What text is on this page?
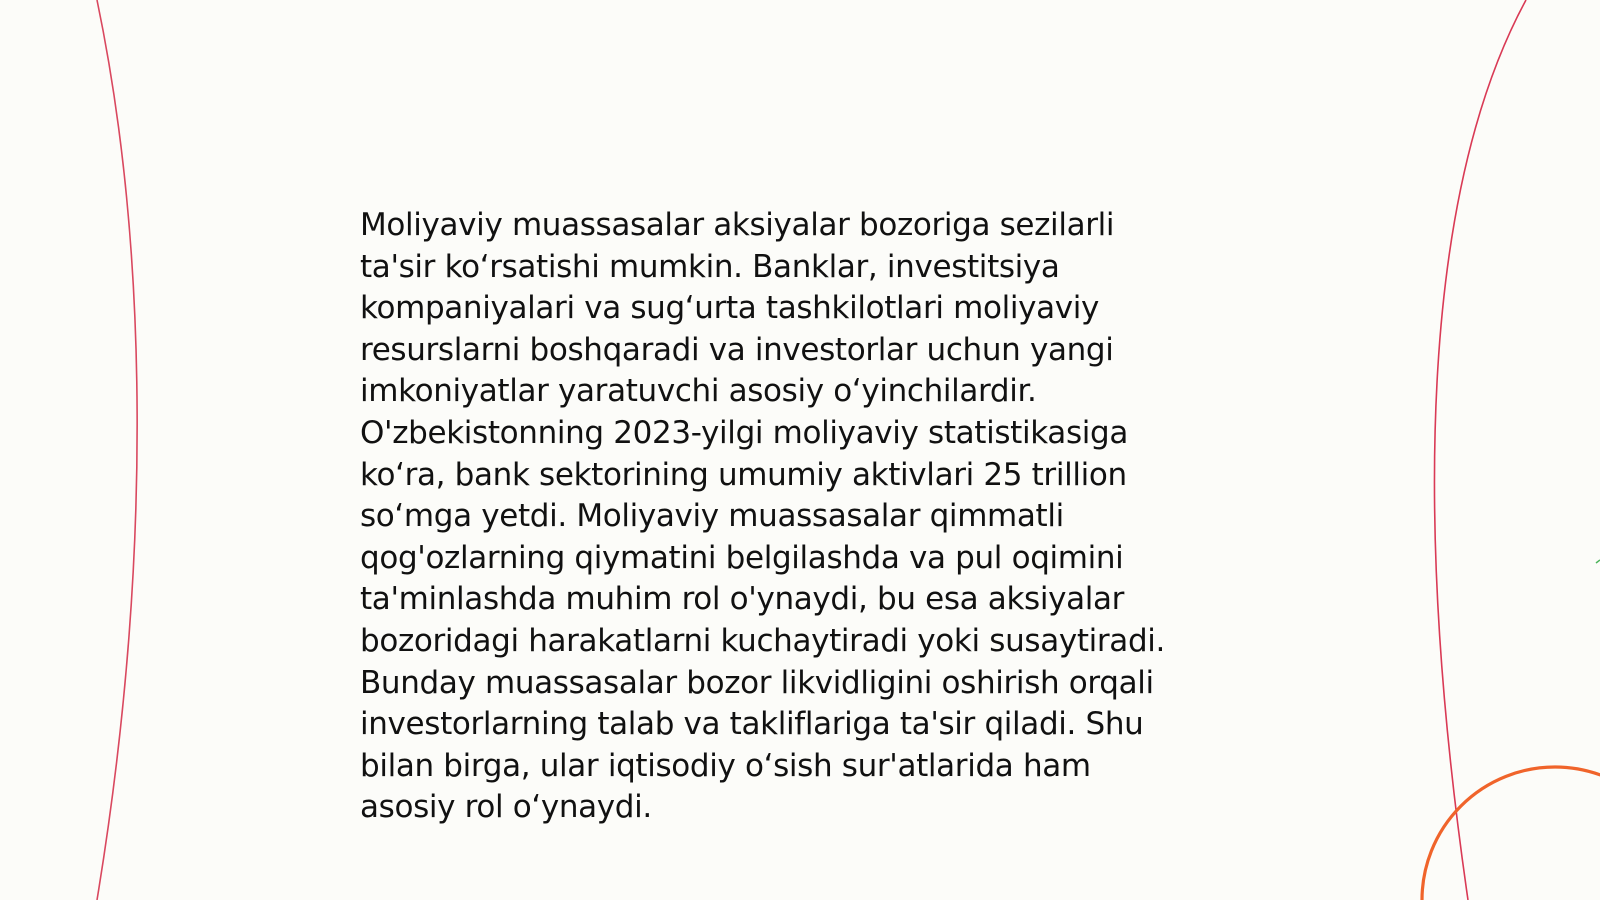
Moliyaviy muassasalar aksiyalar bozoriga sezilarli
ta'sir koʻrsatishi mumkin. Banklar, investitsiya
kompaniyalari va sugʻurta tashkilotlari moliyaviy
resurslarni boshqaradi va investorlar uchun yangi
imkoniyatlar yaratuvchi asosiy oʻyinchilardir.
O'zbekistonning 2023-yilgi moliyaviy statistikasiga
koʻra, bank sektorining umumiy aktivlari 25 trillion
soʻmga yetdi. Moliyaviy muassasalar qimmatli
qog'ozlarning qiymatini belgilashda va pul oqimini
ta'minlashda muhim rol o'ynaydi, bu esa aksiyalar
bozoridagi harakatlarni kuchaytiradi yoki susaytiradi.
Bunday muassasalar bozor likvidligini oshirish orqali
investorlarning talab va takliflariga ta'sir qiladi. Shu
bilan birga, ular iqtisodiy oʻsish sur'atlarida ham
asosiy rol oʻynaydi.
